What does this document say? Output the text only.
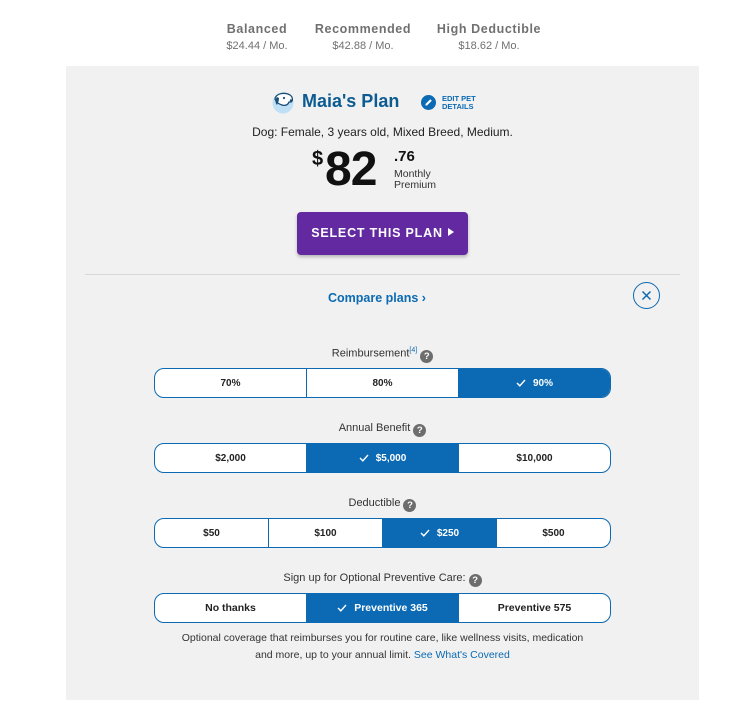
Balanced
$24.44 / Mo.
Recommended
$42.88 / Mo.
High Deductible
$18.62 / Mo.
Maia's Plan	EDIT PET DETAILS
Dog: Female, 3 years old, Mixed Breed, Medium.
$ 82 .76
Monthly Premium
SELECT THIS PLAN
Compare plans ›
Reimbursement[4]?
70%	80%	90%
Annual Benefit ?
$2,000	$5,000	$10,000
Deductible ?
$50	$100	$250	$500
Sign up for Optional Preventive Care: ?
No thanks	Preventive 365	Preventive 575
Optional coverage that reimburses you for routine care, like wellness visits, medication
and more, up to your annual limit. See What's Covered
